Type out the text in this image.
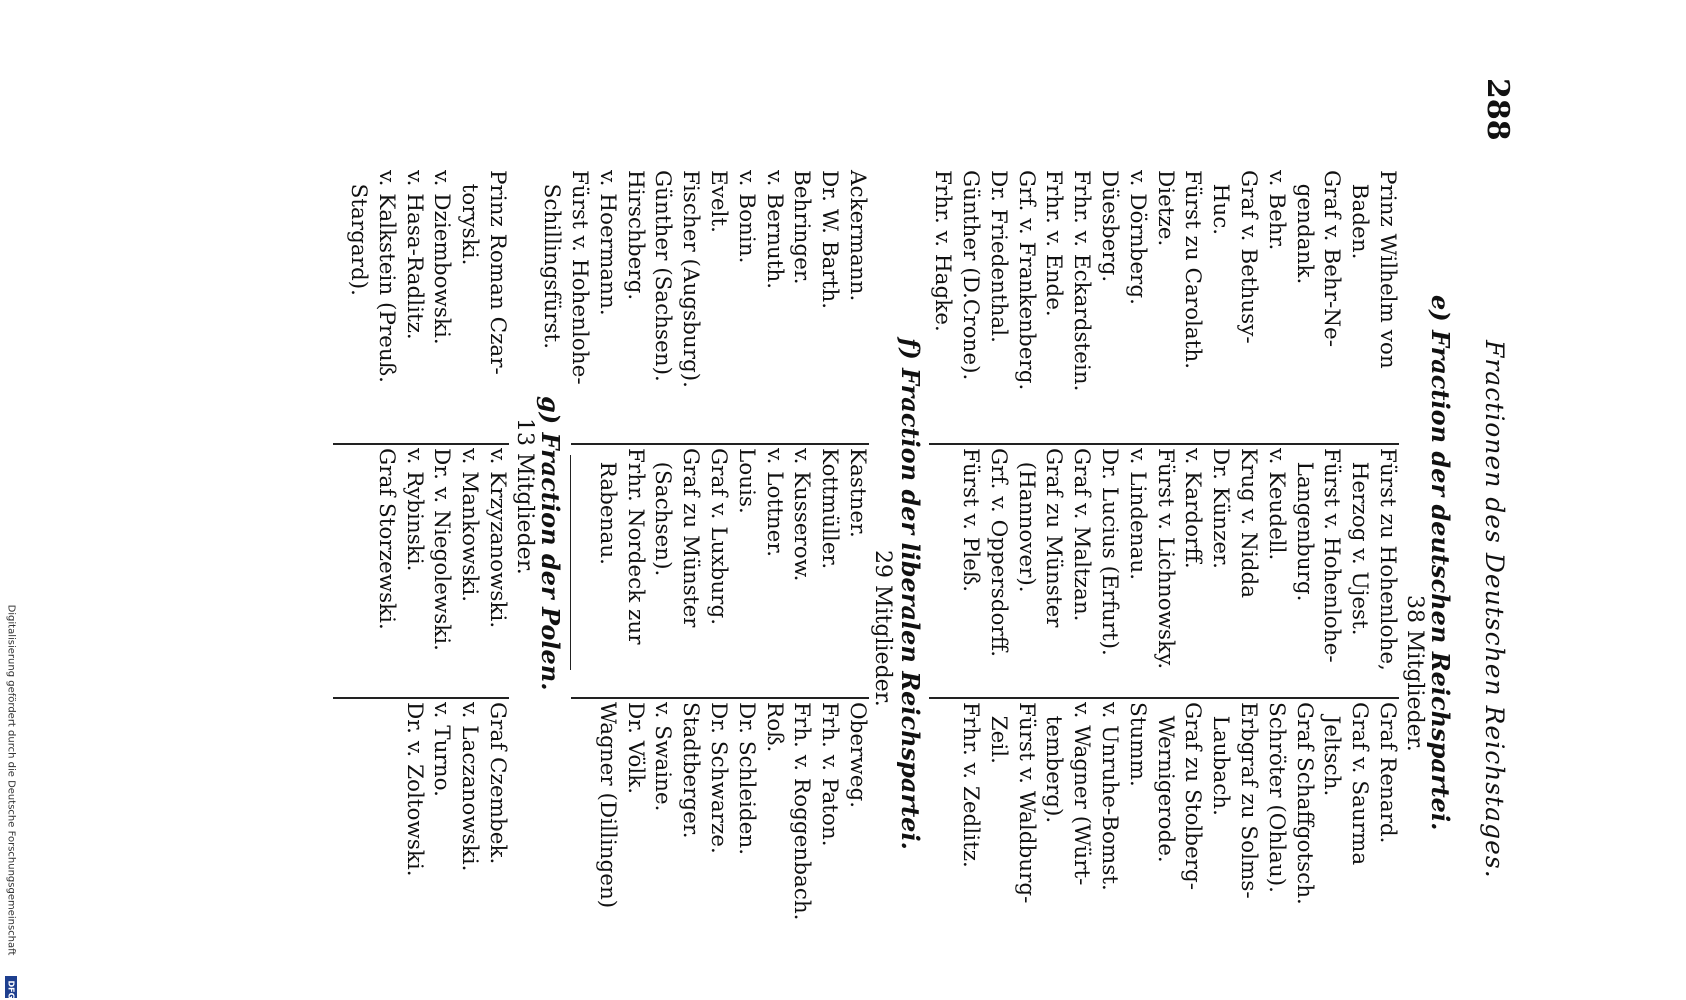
Digitalisierung gefördert durch die Deutsche Forschungsgemeinschaft
DFG
288
Fractionen des Deutschen Reichstages.
e) Fraction der deutschen Reichspartei.
38 Mitglieder.
Prinz Wilhelm von
Baden.
Graf v. Behr-Ne-
gendank.
v. Behr.
Graf v. Bethusy-
Huc.
Fürst zu Carolath.
Dietze.
v. Dörnberg.
Düesberg.
Frhr. v. Eckardstein.
Frhr. v. Ende.
Grf. v. Frankenberg.
Dr. Friedenthal.
Günther (D.Crone).
Frhr. v. Hagke.
Fürst zu Hohenlohe,
Herzog v. Ujest.
Fürst v. Hohenlohe-
Langenburg.
v. Keudell.
Krug v. Nidda
Dr. Künzer.
v. Kardorff.
Fürst v. Lichnowsky.
v. Lindenau.
Dr. Lucius (Erfurt).
Graf v. Maltzan.
Graf zu Münster
(Hannover).
Grf. v. Oppersdorff.
Fürst v. Pleß.
Graf Renard.
Graf v. Saurma
Jeltsch.
Graf Schaffgotsch.
Schröter (Ohlau).
Erbgraf zu Solms-
Laubach.
Graf zu Stolberg-
Wernigerode.
Stumm.
v. Unruhe-Bomst.
v. Wagner (Würt-
temberg).
Fürst v. Waldburg-
Zeil.
Frhr. v. Zedlitz.
f) Fraction der liberalen Reichspartei.
29 Mitglieder.
Ackermann.
Dr. W. Barth.
Behringer.
v. Bernuth.
v. Bonin.
Evelt.
Fischer (Augsburg).
Günther (Sachsen).
Hirschberg.
v. Hoermann.
Fürst v. Hohenlohe-
Schillingsfürst.
Kastner.
Kottmüller.
v. Kusserow.
v. Lottner.
Louis.
Graf v. Luxburg.
Graf zu Münster
(Sachsen).
Frhr. Nordeck zur
Rabenau.
Oberweg.
Frh. v. Paton.
Frh. v. Roggenbach.
Roß.
Dr. Schleiden.
Dr. Schwarze.
Stadtberger.
v. Swaine.
Dr. Völk.
Wagner (Dillingen)
g) Fraction der Polen.
13 Mitglieder.
Prinz Roman Czar-
toryski.
v. Dziembowski.
v. Hasa-Radlitz.
v. Kalkstein (Preuß.
Stargard).
v. Krzyzanowski.
v. Mankowski.
Dr. v. Niegolewski.
v. Rybinski.
Graf Storzewski.
Graf Czembek.
v. Laczanowski.
v. Turno.
Dr. v. Zoltowski.
